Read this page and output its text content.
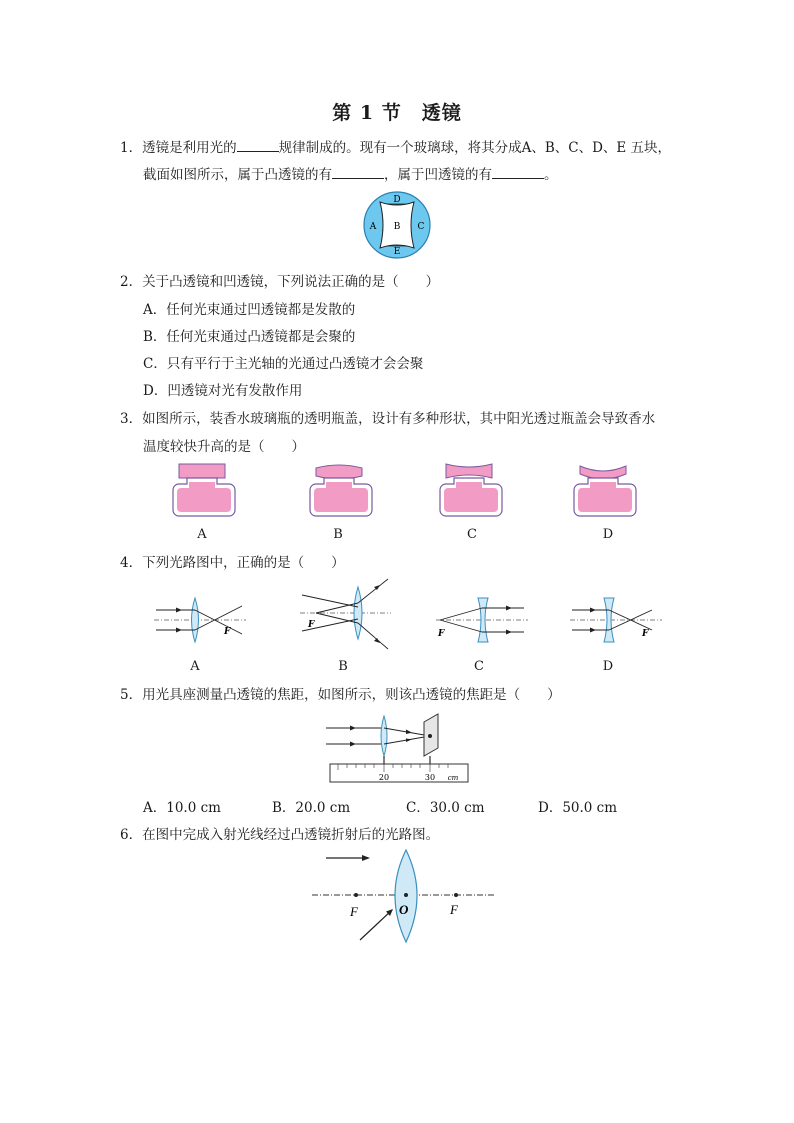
第 1 节　透镜
1．透镜是利用光的	规律制成的。现有一个玻璃球，将其分成A、B、C、D、E 五块，
截面如图所示，属于凸透镜的有	，属于凹透镜的有	。
D
A B C
E
2．关于凸透镜和凹透镜，下列说法正确的是（　　）
A．任何光束通过凹透镜都是发散的
B．任何光束通过凸透镜都是会聚的
C．只有平行于主光轴的光通过凸透镜才会会聚
D．凹透镜对光有发散作用
3．如图所示，装香水玻璃瓶的透明瓶盖，设计有多种形状，其中阳光透过瓶盖会导致香水
温度较快升高的是（　　）
A	B	C	D
4．下列光路图中，正确的是（　　）
F
F
F	F
A	B	C	D
5．用光具座测量凸透镜的焦距，如图所示，则该凸透镜的焦距是（　　）
20	30 cm
A．10.0 cm	B．20.0 cm	C．30.0 cm	D．50.0 cm
6．在图中完成入射光线经过凸透镜折射后的光路图。
F	O	F
